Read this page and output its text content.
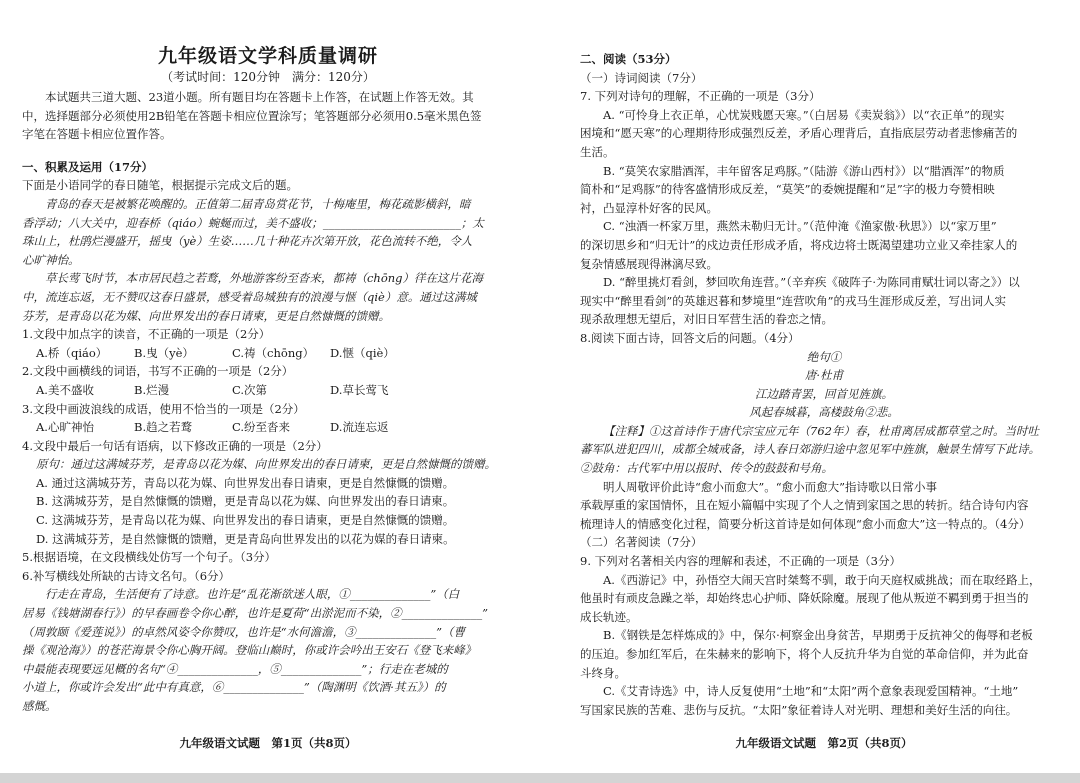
九年级语文学科质量调研
（考试时间：120分钟　满分：120分）

本试题共三道大题、23道小题。所有题目均在答题卡上作答，在试题上作答无效。其

中，选择题部分必须使用2B铅笔在答题卡相应位置涂写；笔答题部分必须用0.5毫米黑色签

字笔在答题卡相应位置作答。

一、积累及运用（17分）

下面是小语同学的春日随笔，根据提示完成文后的题。

青岛的春天是被繁花唤醒的。正值第二届青岛赏花节，十梅庵里，梅花疏影横斜，暗

香浮动；八大关中，迎春桥（qiáo）蜿蜒而过，美不盛收；________________________；太

珠山上，杜鹃烂漫盛开，摇曳（yè）生姿……几十种花卉次第开放，花色流转不绝，令人

心旷神怡。

草长莺飞时节，本市居民趋之若鹜，外地游客纷至沓来，都祷（chōng）徉在这片花海

中，流连忘返，无不赞叹这春日盛景，感受着岛城独有的浪漫与惬（qiè）意。通过这满城

芬芳，是青岛以花为媒、向世界发出的春日请柬，更是自然慷慨的馈赠。

1.文段中加点字的读音，不正确的一项是（2分）

A.桥（qiáo） B.曳（yè）	C.祷（chōng） D.惬（qiè）

2.文段中画横线的词语，书写不正确的一项是（2分）

A.美不盛收	B.烂漫	C.次第	D.草长莺飞

3.文段中画波浪线的成语，使用不恰当的一项是（2分）

A.心旷神怡	B.趋之若鹜	C.纷至沓来	D.流连忘返

4.文段中最后一句话有语病，以下修改正确的一项是（2分）

原句：通过这满城芬芳，是青岛以花为媒、向世界发出的春日请柬，更是自然慷慨的馈赠。

A. 通过这满城芬芳，青岛以花为媒、向世界发出春日请柬，更是自然慷慨的馈赠。

B. 这满城芬芳，是自然慷慨的馈赠，更是青岛以花为媒、向世界发出的春日请柬。

C. 这满城芬芳，是青岛以花为媒、向世界发出的春日请柬，更是自然慷慨的馈赠。

D. 这满城芬芳，是自然慷慨的馈赠，更是青岛向世界发出的以花为媒的春日请柬。

5.根据语境，在文段横线处仿写一个句子。（3分）

6.补写横线处所缺的古诗文名句。（6分）

行走在青岛，生活便有了诗意。也许是“乱花渐欲迷人眼，①______________”（白

居易《钱塘湖春行》）的早春画卷令你心醉，也许是夏荷“出淤泥而不染，②______________”

（周敦颐《爱莲说》）的卓然风姿令你赞叹，也许是“水何澹澹，③______________”（曹

操《观沧海》）的苍茫海景令你心胸开阔。登临山巅时，你或许会吟出王安石《登飞来峰》

中最能表现要远见概的名句“④______________，⑤______________”；行走在老城的

小道上，你或许会发出“此中有真意，⑥______________”（陶渊明《饮酒·其五》）的

感慨。

九年级语文试题　第1页（共8页）

二、阅读（53分）

（一）诗词阅读（7分）

7. 下列对诗句的理解，不正确的一项是（3分）

A. “可怜身上衣正单，心忧炭贱愿天寒。”（白居易《卖炭翁》）以“衣正单”的现实

困境和“愿天寒”的心理期待形成强烈反差，矛盾心理背后，直指底层劳动者悲惨痛苦的

生活。

B. “莫笑农家腊酒浑，丰年留客足鸡豚。”（陆游《游山西村》）以“腊酒浑”的物质

简朴和“足鸡豚”的待客盛情形成反差，“莫笑”的委婉提醒和“足”字的极力夸赞相映

衬，凸显淳朴好客的民风。

C. “浊酒一杯家万里，燕然未勒归无计。”（范仲淹《渔家傲·秋思》）以“家万里”

的深切思乡和“归无计”的戍边责任形成矛盾，将戍边将士既渴望建功立业又牵挂家人的

复杂情感展现得淋漓尽致。

D. “醉里挑灯看剑，梦回吹角连营。”（辛弃疾《破阵子·为陈同甫赋壮词以寄之》）以

现实中“醉里看剑”的英雄迟暮和梦境里“连营吹角”的戎马生涯形成反差，写出词人实

现杀敌理想无望后，对旧日军营生活的眷恋之情。

8.阅读下面古诗，回答文后的问题。（4分）

绝句①

唐·杜甫

江边踏青罢，回首见旌旗。

风起春城暮，高楼鼓角②悲。

【注释】①这首诗作于唐代宗宝应元年（762年）春，杜甫离居成都草堂之时。当时吐

蕃军队进犯四川，成都全城戒备，诗人春日郊游归途中忽见军中旌旗，触景生情写下此诗。

②鼓角：古代军中用以报时、传令的鼓鼓和号角。

明人周敬评价此诗“愈小而愈大”。“愈小而愈大”指诗歌以日常小事

承载厚重的家国情怀，且在短小篇幅中实现了个人之情到家国之思的转折。结合诗句内容

梳理诗人的情感变化过程，简要分析这首诗是如何体现“愈小而愈大”这一特点的。（4分）

（二）名著阅读（7分）

9. 下列对名著相关内容的理解和表述，不正确的一项是（3分）

A.《西游记》中，孙悟空大闹天宫时桀骜不驯，敢于向天庭权威挑战；而在取经路上，

他虽时有顽皮急躁之举，却始终忠心护师、降妖除魔。展现了他从叛逆不羁到勇于担当的

成长轨迹。

B.《钢铁是怎样炼成的》中，保尔·柯察金出身贫苦，早期勇于反抗神父的侮辱和老板

的压迫。参加红军后，在朱赫来的影响下，将个人反抗升华为自觉的革命信仰，并为此奋

斗终身。

C.《艾青诗选》中，诗人反复使用“土地”和“太阳”两个意象表现爱国精神。“土地”

写国家民族的苦难、悲伤与反抗。“太阳”象征着诗人对光明、理想和美好生活的向往。

九年级语文试题　第2页（共8页）
